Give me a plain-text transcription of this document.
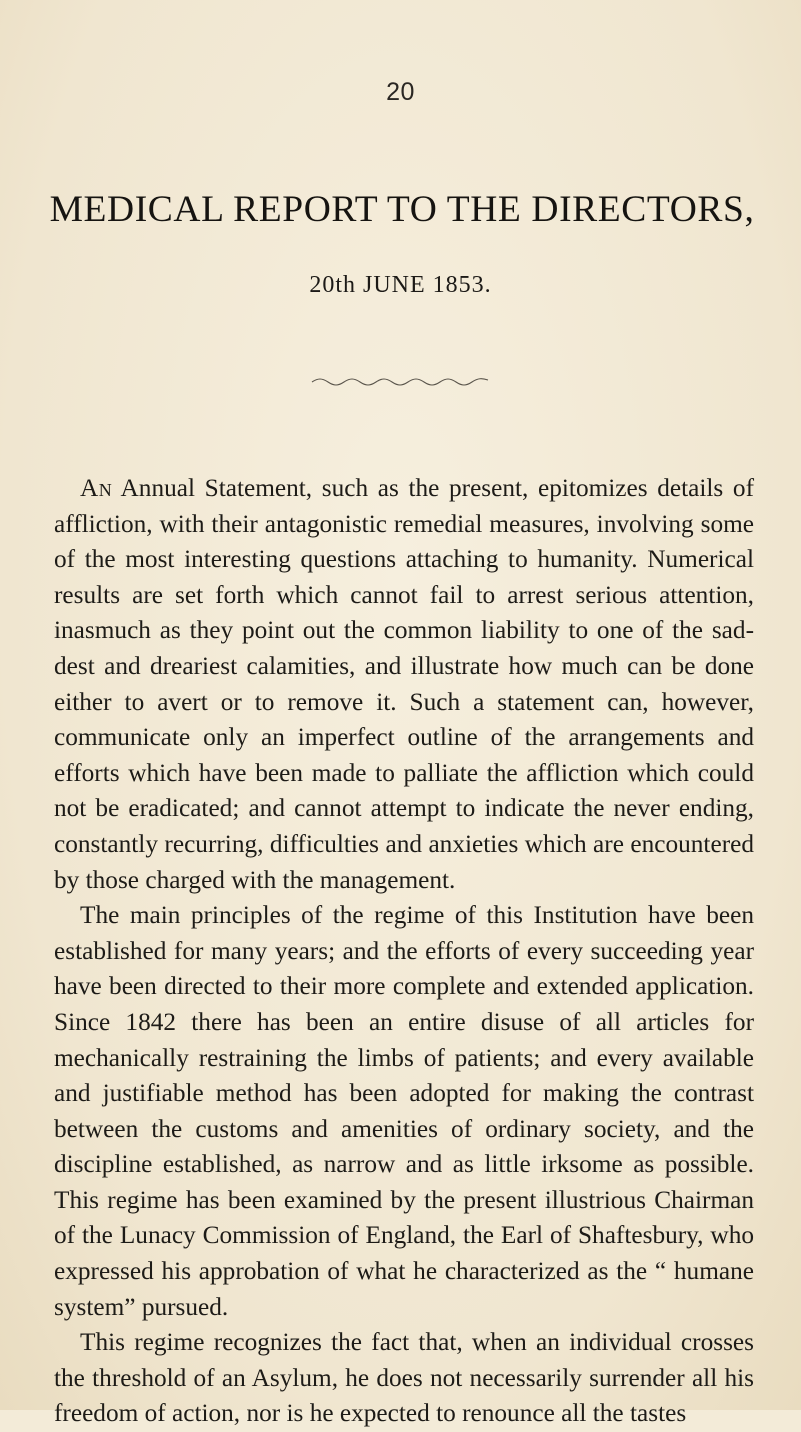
20
MEDICAL REPORT TO THE DIRECTORS,
20th JUNE 1853.

An Annual Statement, such as the present, epitomizes details of affliction, with their antagonistic remedial measures, involving some of the most interesting questions attaching to humanity. Numerical results are set forth which cannot fail to arrest serious attention, inasmuch as they point out the common liability to one of the saddest and dreariest calamities, and illustrate how much can be done either to avert or to remove it. Such a statement can, however, communicate only an imperfect outline of the arrangements and efforts which have been made to palliate the affliction which could not be eradicated; and cannot attempt to indicate the never ending, constantly recurring, difficulties and anxieties which are encountered by those charged with the management.

The main principles of the regime of this Institution have been established for many years; and the efforts of every succeeding year have been directed to their more complete and extended application. Since 1842 there has been an entire disuse of all articles for mechanically restraining the limbs of patients; and every available and justifiable method has been adopted for making the contrast between the customs and amenities of ordinary society, and the discipline established, as narrow and as little irksome as possible. This regime has been examined by the present illustrious Chairman of the Lunacy Commission of England, the Earl of Shaftesbury, who expressed his approbation of what he characterized as the “ humane system” pursued.

This regime recognizes the fact that, when an individual crosses the threshold of an Asylum, he does not necessarily surrender all his freedom of action, nor is he expected to renounce all the tastes
